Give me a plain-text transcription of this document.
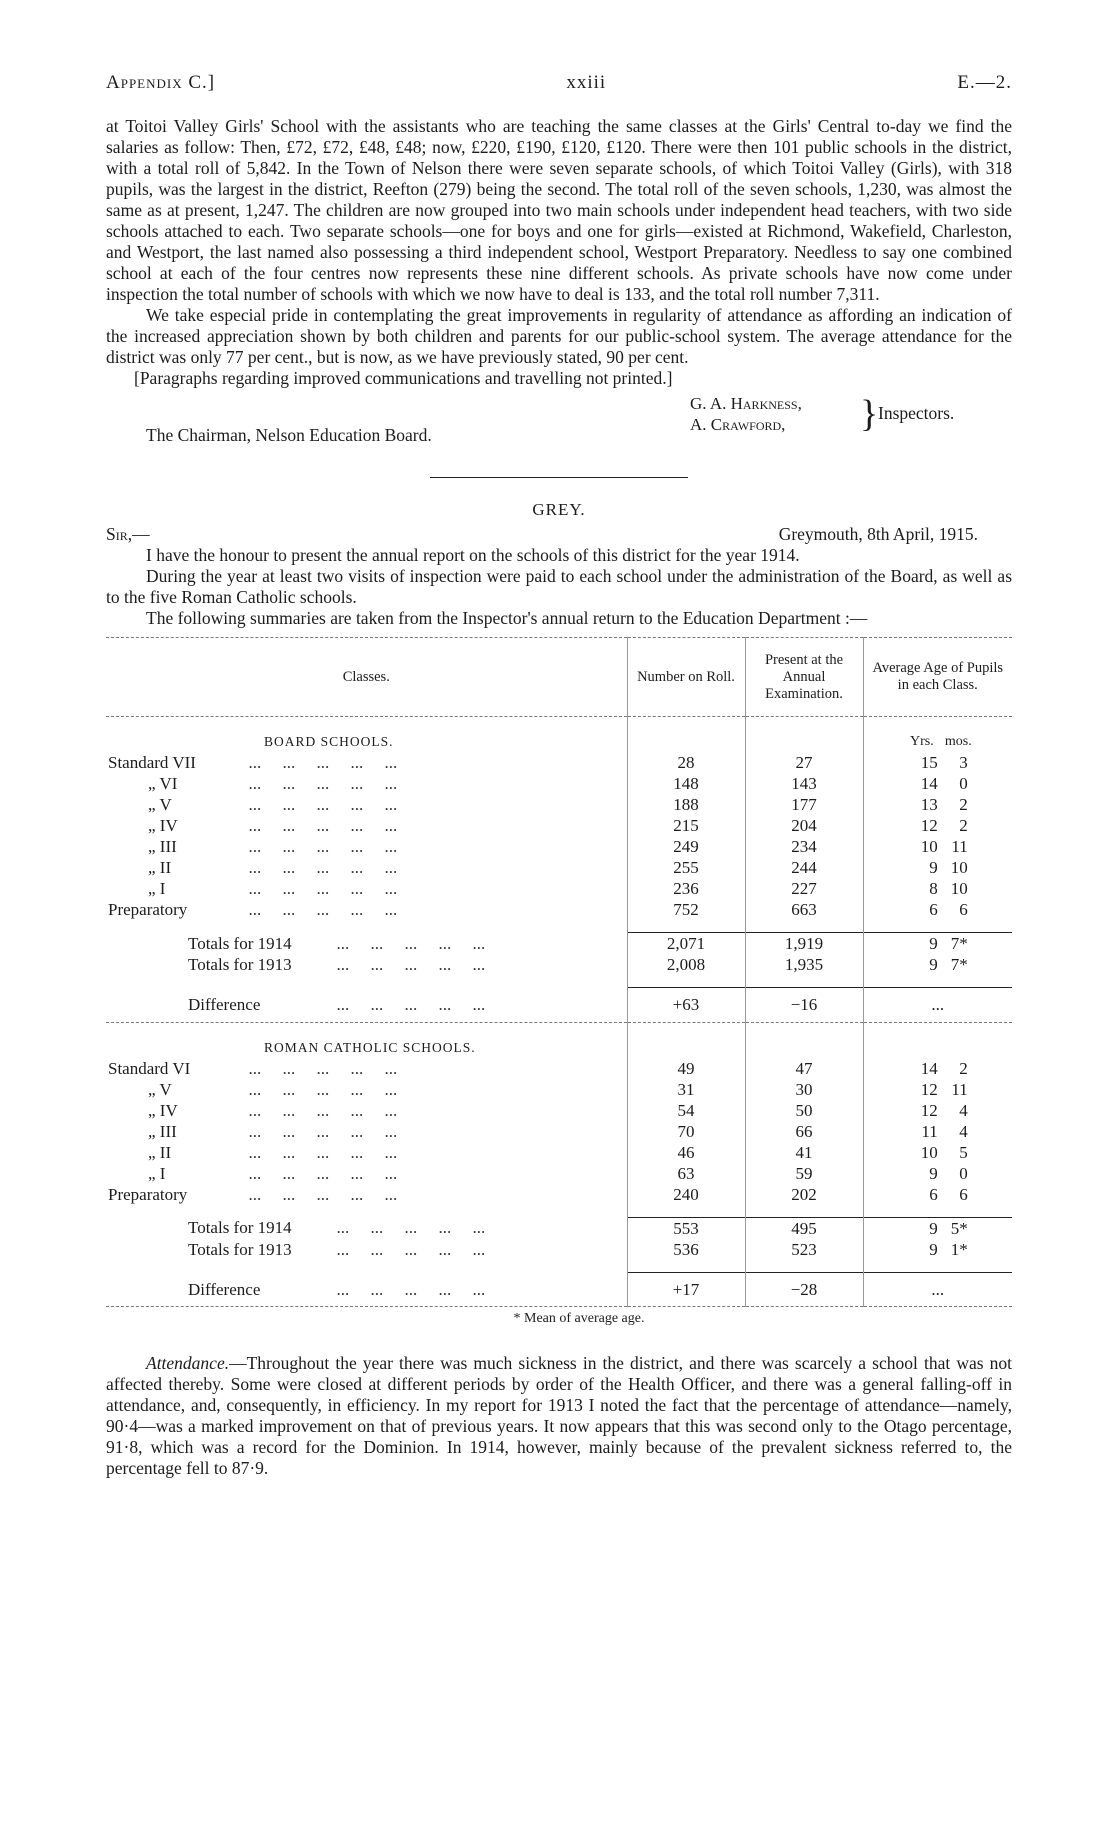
Appendix C.]	xxiii	E.—2.

at Toitoi Valley Girls' School with the assistants who are teaching the same classes at the Girls' Central to-day we find the salaries as follow: Then, £72, £72, £48, £48; now, £220, £190, £120, £120. There were then 101 public schools in the district, with a total roll of 5,842. In the Town of Nelson there were seven separate schools, of which Toitoi Valley (Girls), with 318 pupils, was the largest in the district, Reefton (279) being the second. The total roll of the seven schools, 1,230, was almost the same as at present, 1,247. The children are now grouped into two main schools under independent head teachers, with two side schools attached to each. Two separate schools—one for boys and one for girls—existed at Richmond, Wakefield, Charleston, and Westport, the last named also possessing a third independent school, Westport Preparatory. Needless to say one combined school at each of the four centres now represents these nine different schools. As private schools have now come under inspection the total number of schools with which we now have to deal is 133, and the total roll number 7,311.

We take especial pride in contemplating the great improvements in regularity of attendance as affording an indication of the increased appreciation shown by both children and parents for our public-school system. The average attendance for the district was only 77 per cent., but is now, as we have previously stated, 90 per cent.

[Paragraphs regarding improved communications and travelling not printed.]

G. A. Harkness,
A. Crawford,	} Inspectors.
The Chairman, Nelson Education Board.
GREY.
Sir,—	Greymouth, 8th April, 1915.

I have the honour to present the annual report on the schools of this district for the year 1914.

During the year at least two visits of inspection were paid to each school under the administration of the Board, as well as to the five Roman Catholic schools.

The following summaries are taken from the Inspector's annual return to the Education Department :—

Classes.	Number on Roll.	Present at the Annual Examination.	Average Age of Pupils in each Class.
BOARD SCHOOLS.			Yrs. mos.
Standard VII ...     ...     ...     ...     ...	28	27	15 3
„ VI ...     ...     ...     ...     ...	148	143	14 0
„ V ...     ...     ...     ...     ...	188	177	13 2
„ IV ...     ...     ...     ...     ...	215	204	12 2
„ III ...     ...     ...     ...     ...	249	234	10 11
„ II ...     ...     ...     ...     ...	255	244	9 10
„ I ...     ...     ...     ...     ...	236	227	8 10
Preparatory ...     ...     ...     ...     ...	752	663	6 6

Totals for 1914  ...     ...     ...     ...     ...	2,071	1,919	9 7*
Totals for 1913  ...     ...     ...     ...     ...	2,008	1,935	9 7*

Difference ...     ...     ...     ...     ...	+63	−16	...
ROMAN CATHOLIC SCHOOLS.			
Standard VI ...     ...     ...     ...     ...	49	47	14 2
„ V ...     ...     ...     ...     ...	31	30	12 11
„ IV ...     ...     ...     ...     ...	54	50	12 4
„ III ...     ...     ...     ...     ...	70	66	11 4
„ II ...     ...     ...     ...     ...	46	41	10 5
„ I ...     ...     ...     ...     ...	63	59	9 0
Preparatory ...     ...     ...     ...     ...	240	202	6 6

Totals for 1914  ...     ...     ...     ...     ...	553	495	9 5*
Totals for 1913  ...     ...     ...     ...     ...	536	523	9 1*

Difference ...     ...     ...     ...     ...	+17	−28	...
* Mean of average age.

Attendance.—Throughout the year there was much sickness in the district, and there was scarcely a school that was not affected thereby. Some were closed at different periods by order of the Health Officer, and there was a general falling-off in attendance, and, consequently, in efficiency. In my report for 1913 I noted the fact that the percentage of attendance—namely, 90·4—was a marked improvement on that of previous years. It now appears that this was second only to the Otago percentage, 91·8, which was a record for the Dominion. In 1914, however, mainly because of the prevalent sickness referred to, the percentage fell to 87·9.
